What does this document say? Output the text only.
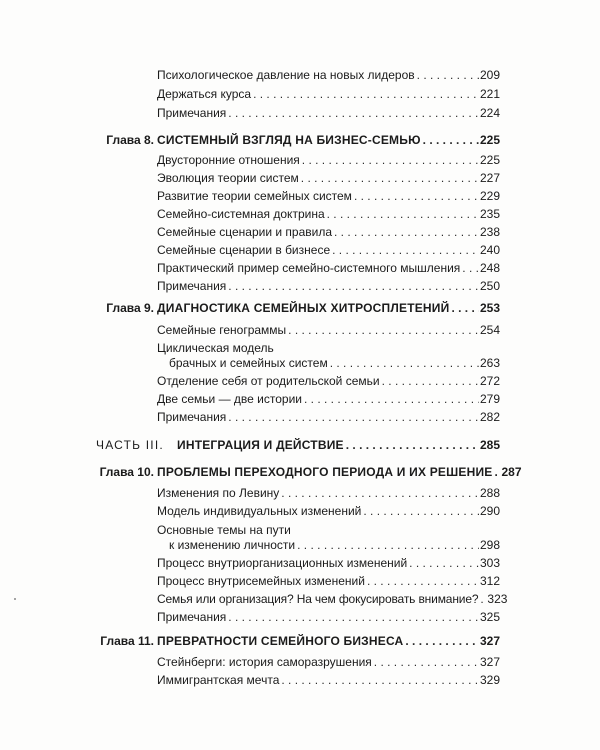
Психологическое давление на новых лидеров . . .	209
Держаться курса . . .	221
Примечания . . .	224
Глава 8. СИСТЕМНЫЙ ВЗГЛЯД НА БИЗНЕС-СЕМЬЮ . . .	225
Двусторонние отношения . . .	225
Эволюция теории систем . . .	227
Развитие теории семейных систем . . .	229
Семейно-системная доктрина . . .	235
Семейные сценарии и правила . . .	238
Семейные сценарии в бизнесе . . .	240
Практический пример семейно-системного мышления . . . 248
Примечания . . .	250
Глава 9. ДИАГНОСТИКА СЕМЕЙНЫХ ХИТРОСПЛЕТЕНИЙ . . .	253
Семейные генограммы . . .	254
Циклическая модель
брачных и семейных систем . . .	263
Отделение себя от родительской семьи . . .	272
Две семьи — две истории . . .	279
Примечания . . .	282
ЧАСТЬ III. ИНТЕГРАЦИЯ И ДЕЙСТВИЕ . . .	285
Глава 10. ПРОБЛЕМЫ ПЕРЕХОДНОГО ПЕРИОДА И ИХ РЕШЕНИЕ . . . 287
Изменения по Левину . . .	288
Модель индивидуальных изменений . . .	290
Основные темы на пути
к изменению личности . . .	298
Процесс внутриорганизационных изменений . . .	303
Процесс внутрисемейных изменений . . .	312
Семья или организация? На чем фокусировать внимание? . . . 323
Примечания . . .	325
Глава 11. ПРЕВРАТНОСТИ СЕМЕЙНОГО БИЗНЕСА . . .	327
Стейнберги: история саморазрушения . . .	327
Иммигрантская мечта . . .	329
